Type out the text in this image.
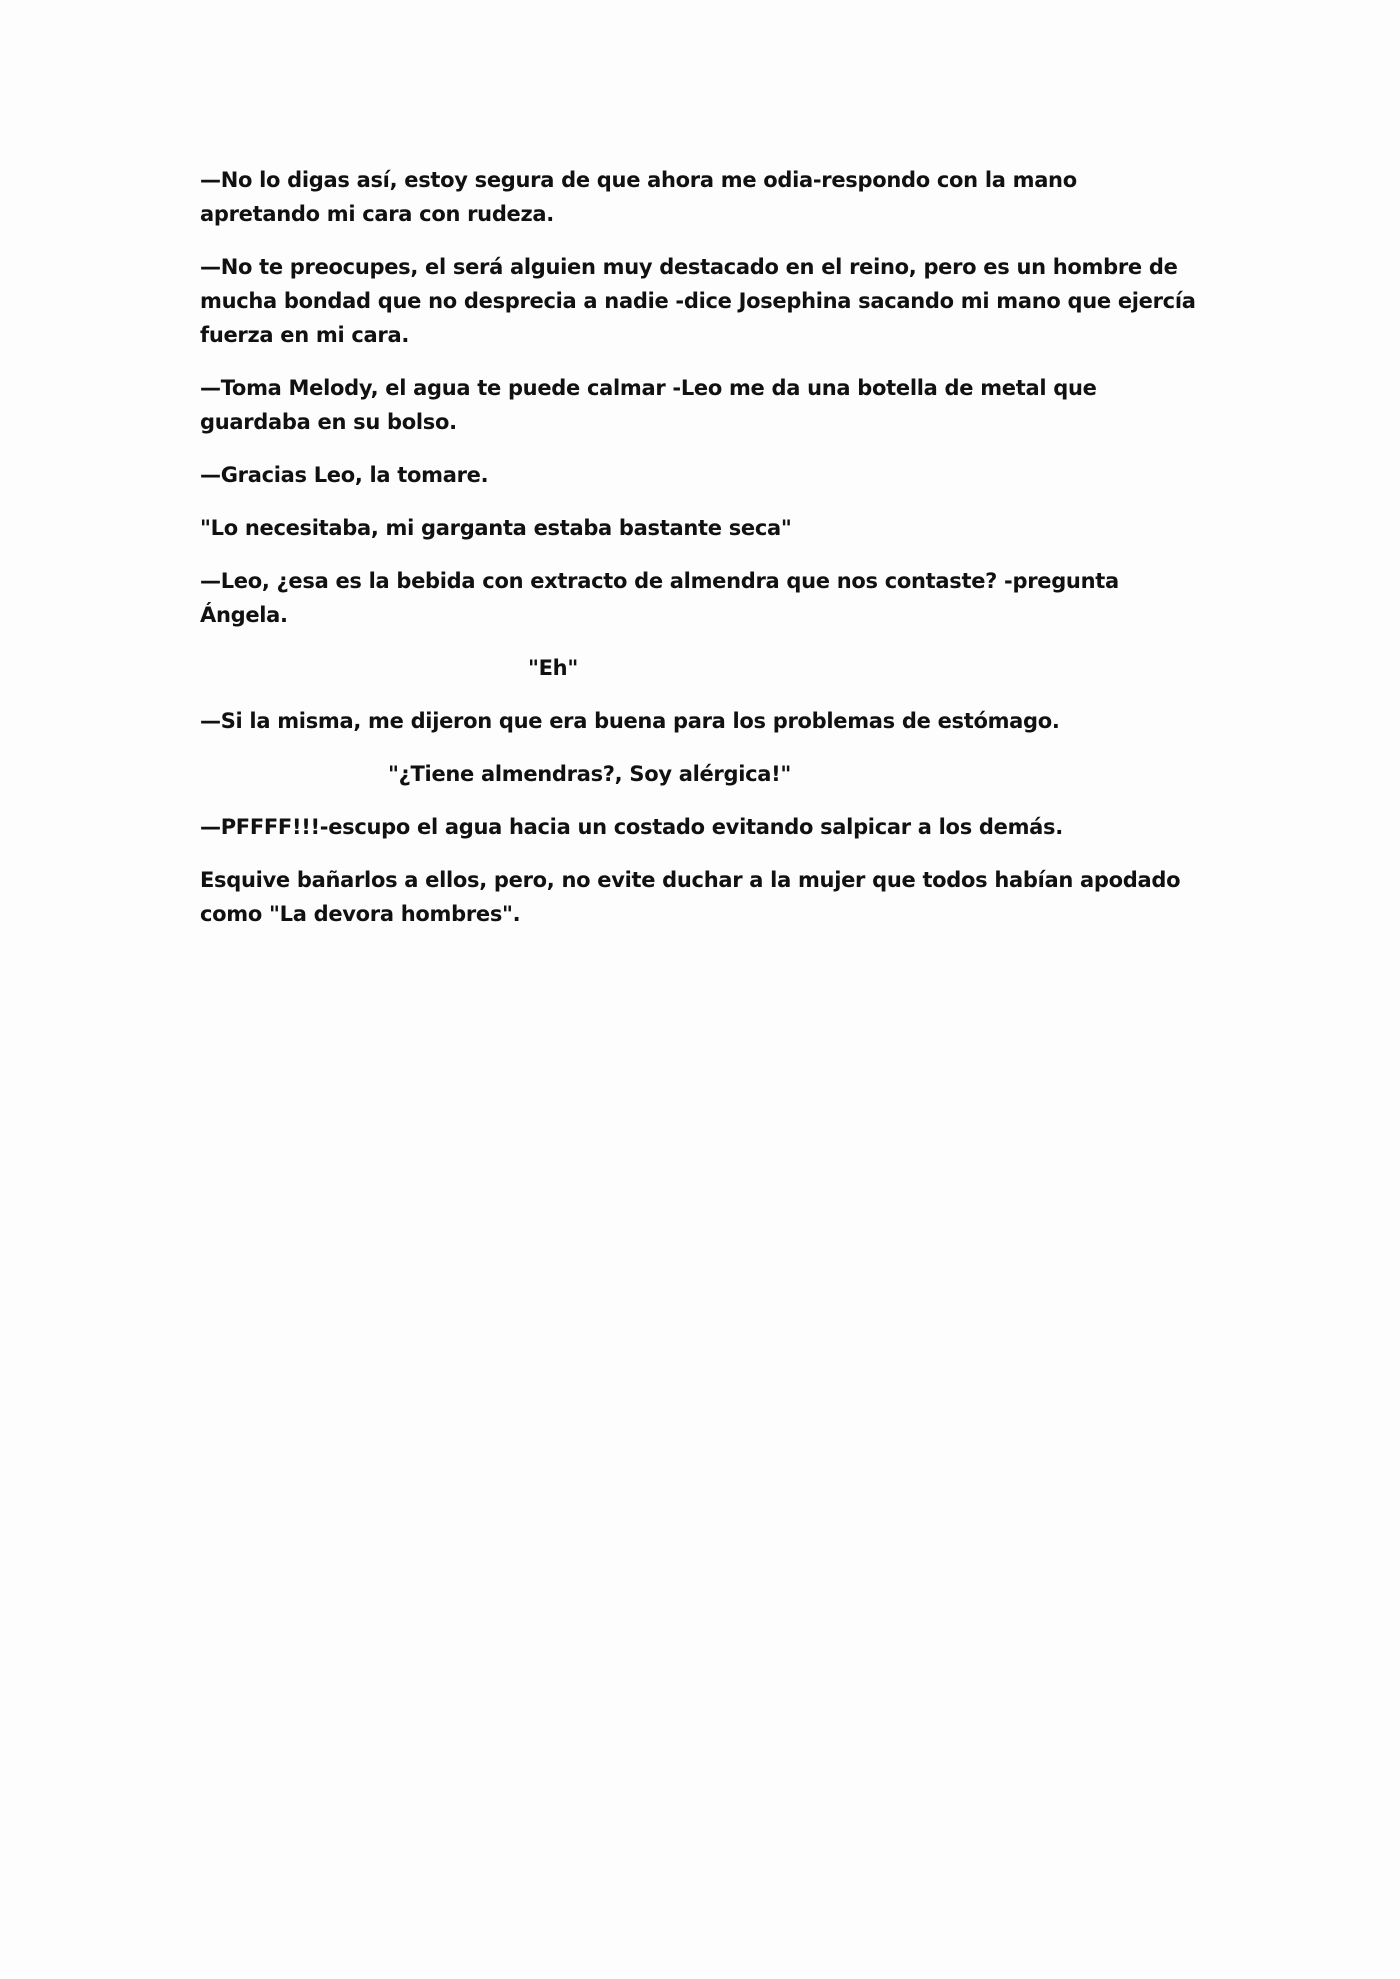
—No lo digas así, estoy segura de que ahora me odia-respondo con la mano apretando mi cara con rudeza.

—No te preocupes, el será alguien muy destacado en el reino, pero es un hombre de mucha bondad que no desprecia a nadie -dice Josephina sacando mi mano que ejercía fuerza en mi cara.

—Toma Melody, el agua te puede calmar -Leo me da una botella de metal que guardaba en su bolso.

—Gracias Leo, la tomare.

"Lo necesitaba, mi garganta estaba bastante seca"

—Leo, ¿esa es la bebida con extracto de almendra que nos contaste? -pregunta Ángela.

"Eh"

—Si la misma, me dijeron que era buena para los problemas de estómago.

"¿Tiene almendras?, Soy alérgica!"

—PFFFF!!!-escupo el agua hacia un costado evitando salpicar a los demás.

Esquive bañarlos a ellos, pero, no evite duchar a la mujer que todos habían apodado como "La devora hombres".
